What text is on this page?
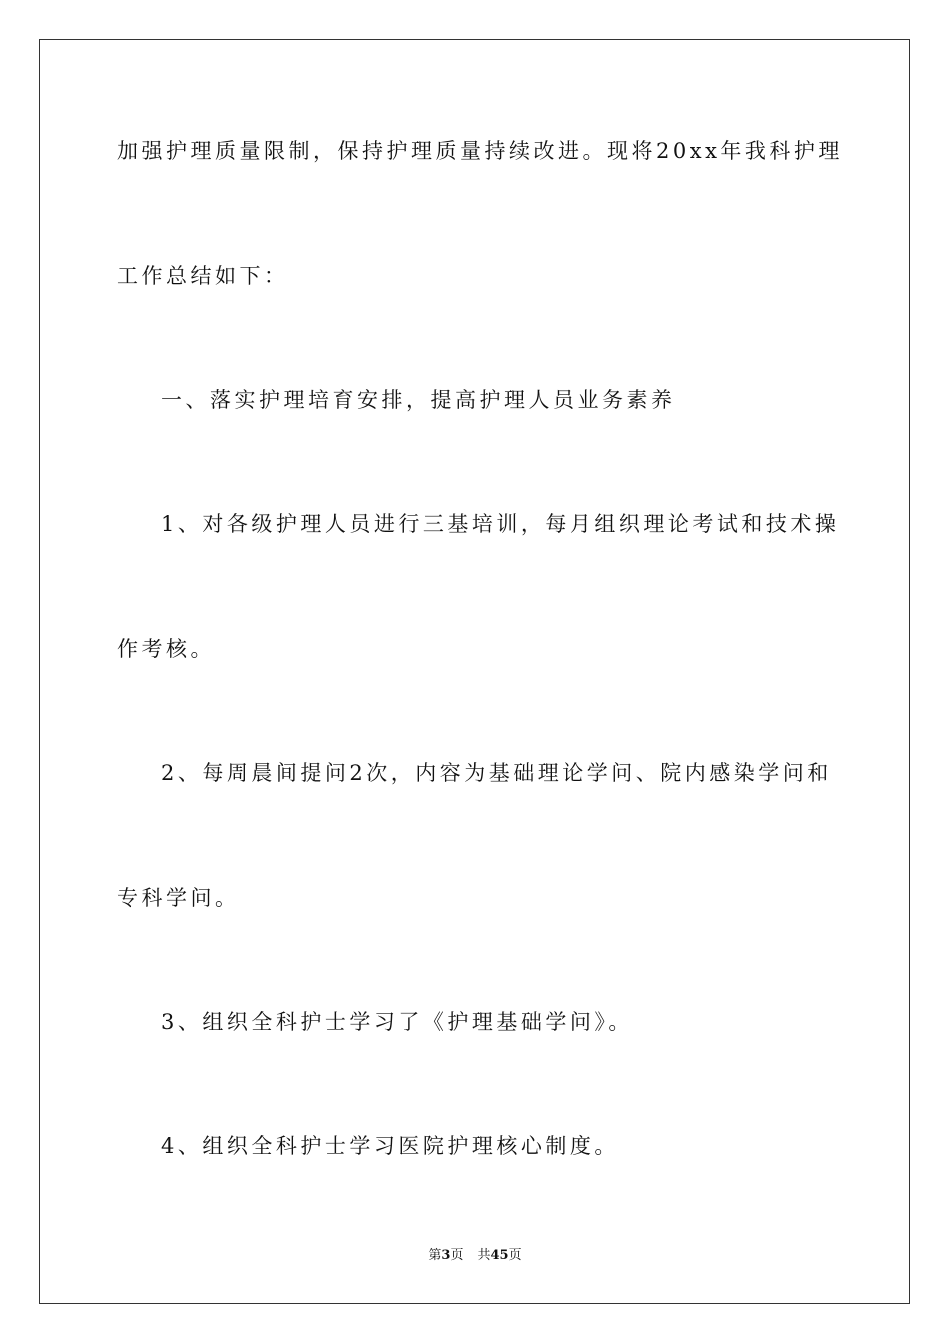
加强护理质量限制，保持护理质量持续改进。现将20xx年我科护理
工作总结如下：
一、落实护理培育安排，提高护理人员业务素养
1、对各级护理人员进行三基培训，每月组织理论考试和技术操
作考核。
2、每周晨间提问2次，内容为基础理论学问、院内感染学问和
专科学问。
3、组织全科护士学习了《护理基础学问》。
4、组织全科护士学习医院护理核心制度。
第3页 共45页
